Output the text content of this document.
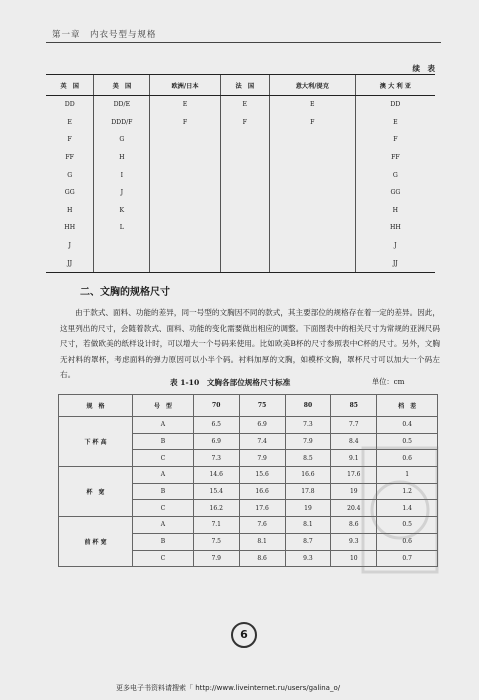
第一章　内衣号型与规格
续　表
英　国	美　国	欧洲/日本	法　国	意大利/提克	澳 大 利 亚
DD	DD/E	E	E	E	DD
E	DDD/F	F	F	F	E
F	G				F
FF	H				FF
G	I				G
GG	J				GG
H	K				H
HH	L				HH
J					J
JJ					JJ
二、文胸的规格尺寸

由于款式、面料、功能的差异，同一号型的文胸因不同的款式，其主要部位的规格存在着一定的差异。因此，这里列出的尺寸，会随着款式、面料、功能的变化需要做出相应的调整。下面图表中的相关尺寸为常规的亚洲尺码尺寸，若做欧美的纸样设计时，可以增大一个号码来使用。比如欧美B杯的尺寸参照表中C杯的尺寸。另外，文胸无衬料的罩杯，考虑面料的弹力原因可以小半个码。衬料加厚的文胸，如模杯文胸，罩杯尺寸可以加大一个码左右。

表 1-10　文胸各部位规格尺寸标准	单位：cm
规　格	号　型	70	75	80	85	档　差
下 杯 高	A	6.5	6.9	7.3	7.7	0.4
	B	6.9	7.4	7.9	8.4	0.5
	C	7.3	7.9	8.5	9.1	0.6
杯　宽	A	14.6	15.6	16.6	17.6	1
	B	15.4	16.6	17.8	19	1.2
	C	16.2	17.6	19	20.4	1.4
前 杯 宽	A	7.1	7.6	8.1	8.6	0.5
	B	7.5	8.1	8.7	9.3	0.6
	C	7.9	8.6	9.3	10	0.7
6
更多电子书资料请搜索「 http://www.liveinternet.ru/users/galina_o/
